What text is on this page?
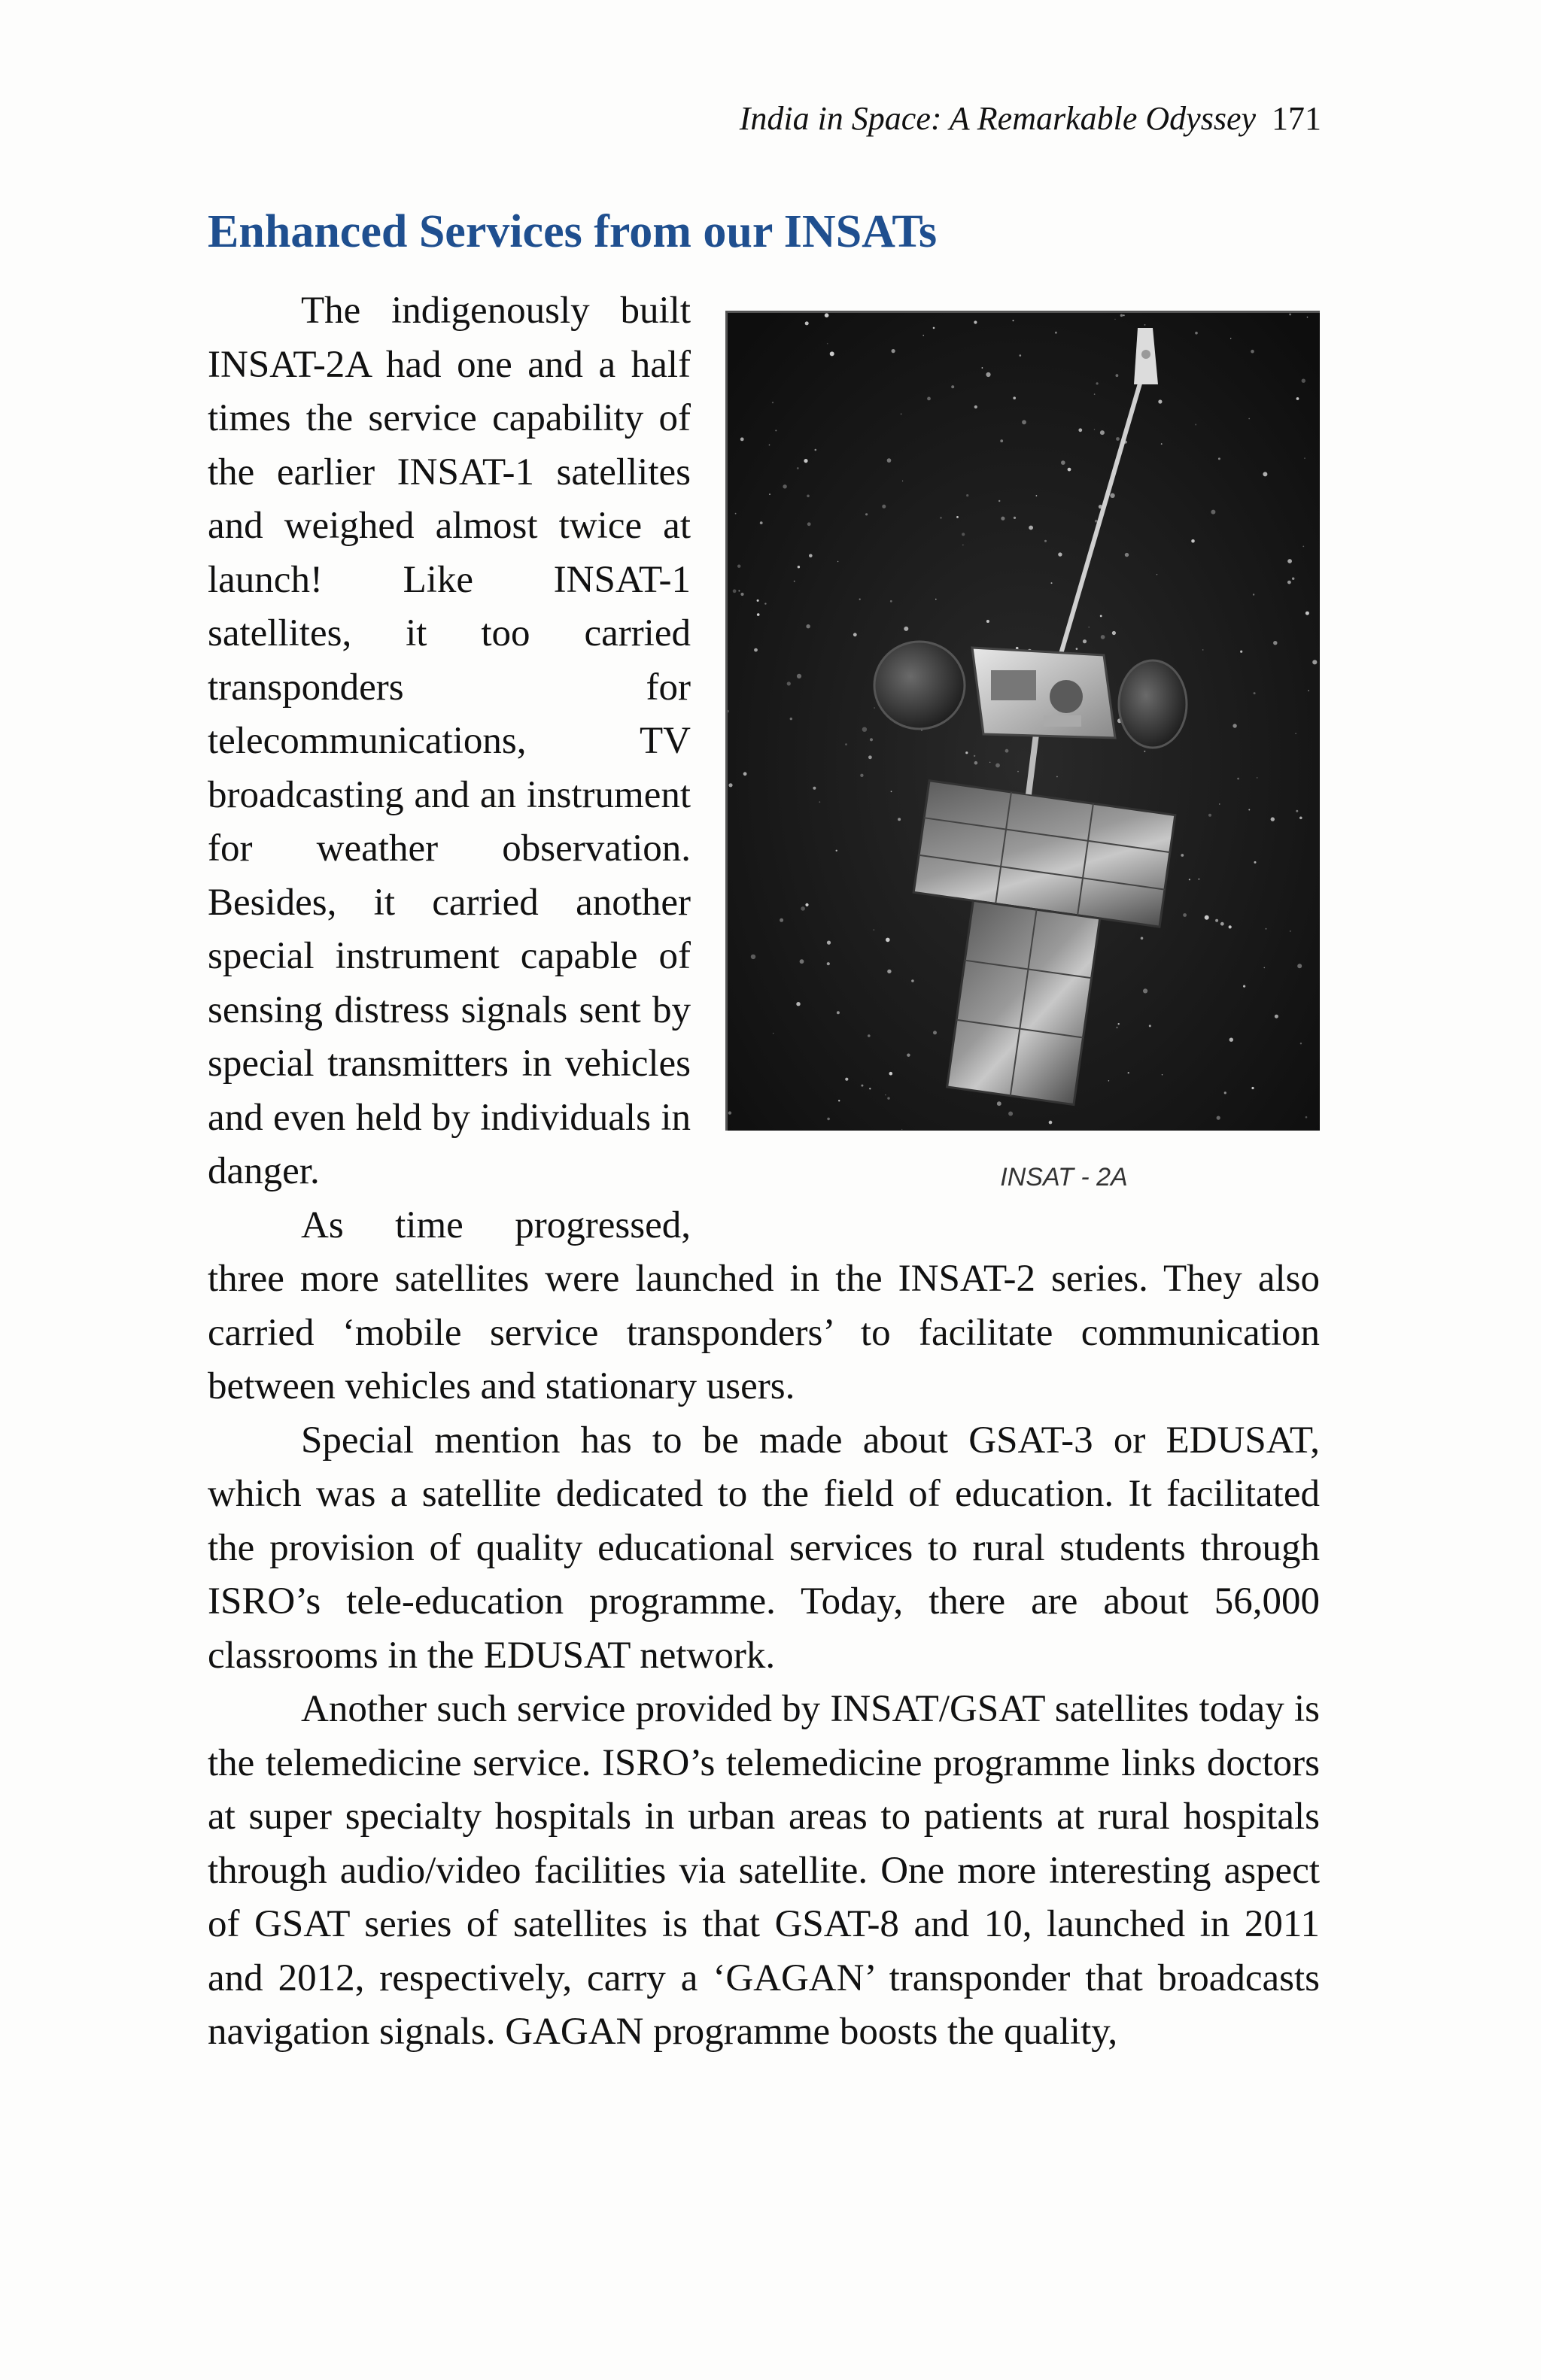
India in Space: A Remarkable Odyssey 171
Enhanced Services from our INSATs
INSAT - 2A

The indigenously built INSAT-2A had one and a half times the service capability of the earlier INSAT-1 satellites and weighed almost twice at launch! Like INSAT-1 satellites, it too carried transponders for telecommunications, TV broadcasting and an instrument for weather observation. Besides, it carried another special instrument capable of sensing distress signals sent by special transmitters in vehicles and even held by individuals in danger.

As time progressed, three more satellites were launched in the INSAT-2 series. They also carried ‘mobile service transponders’ to facilitate communication between vehicles and stationary users.

Special mention has to be made about GSAT-3 or EDUSAT, which was a satellite dedicated to the field of education. It facilitated the provision of quality educational services to rural students through ISRO’s tele-education programme. Today, there are about 56,000 classrooms in the EDUSAT network.

Another such service provided by INSAT/GSAT satellites today is the telemedicine service. ISRO’s telemedicine programme links doctors at super specialty hospitals in urban areas to patients at rural hospitals through audio/video facilities via satellite. One more interesting aspect of GSAT series of satellites is that GSAT-8 and 10, launched in 2011 and 2012, respectively, carry a ‘GAGAN’ transponder that broadcasts navigation signals. GAGAN programme boosts the quality,
